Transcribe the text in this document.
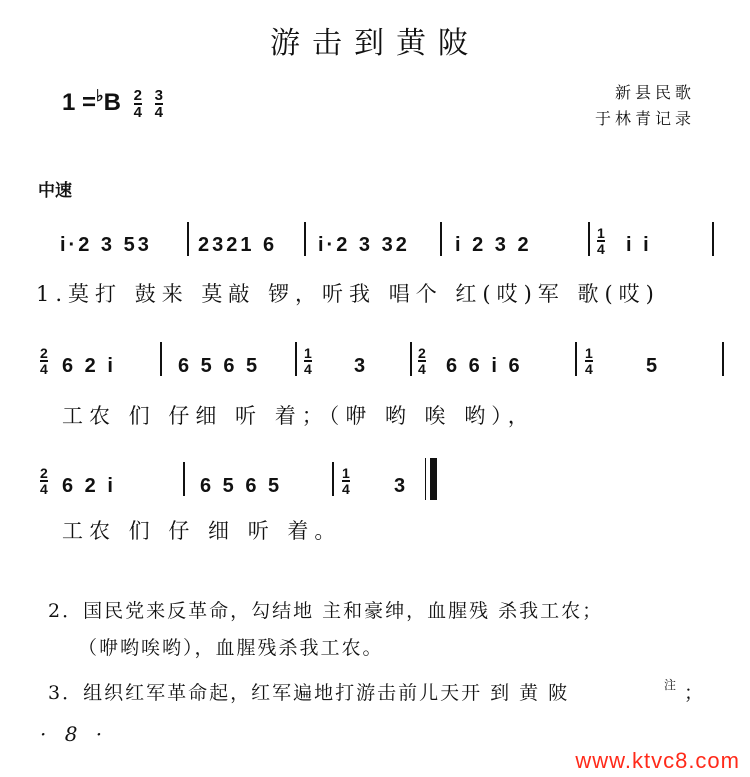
游击到黄陂
$1 =^♭B \frac{2}{4}$
$\frac{3}{4}$	新县民歌
于林青记录
中速
i·2 3 53 2321 6 i·2 3 32 i 2 3 2
1
4 i i
1.莫打 鼓来 莫敲 锣，听我 唱个 红(哎)军 歌(哎)
2
4 6 2 i	6 5 6 5
1
4 3
2
4 6 6 i 6
1
4	5
工农 们 仔细 听 着；（咿 哟 唉 哟），
2
4 6 2 i	6 5 6 5
1
4 3
工农 们 仔 细 听 着。
2．国民党来反革命，勾结地 主和豪绅，血腥残 杀我工农；
（咿哟唉哟），血腥残杀我工农。
3．组织红军革命起，红军遍地打游击前儿天开 到 黄 陂	注 ；
· 8 ·
www.ktvc8.com
